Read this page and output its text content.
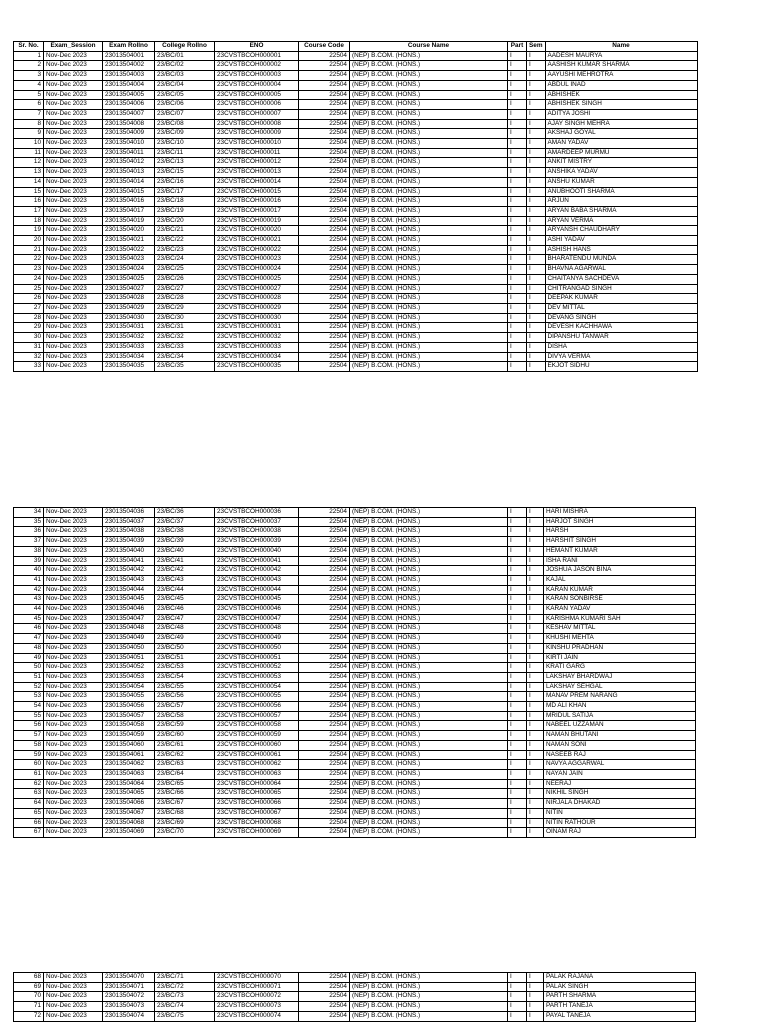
Sr. No.	Exam_Session	Exam Rollno	College Rollno	ENO	Course Code	Course Name	Part	Sem	Name
1	Nov-Dec 2023	23013504001	23/BC/01	23CVSTBCOH000001	22504	(NEP) B.COM. (HONS.)	I	I	AADESH MAURYA
2	Nov-Dec 2023	23013504002	23/BC/02	23CVSTBCOH000002	22504	(NEP) B.COM. (HONS.)	I	I	AASHISH KUMAR SHARMA
3	Nov-Dec 2023	23013504003	23/BC/03	23CVSTBCOH000003	22504	(NEP) B.COM. (HONS.)	I	I	AAYUSHI MEHROTRA
4	Nov-Dec 2023	23013504004	23/BC/04	23CVSTBCOH000004	22504	(NEP) B.COM. (HONS.)	I	I	ABDUL INAD
5	Nov-Dec 2023	23013504005	23/BC/05	23CVSTBCOH000005	22504	(NEP) B.COM. (HONS.)	I	I	ABHISHEK
6	Nov-Dec 2023	23013504006	23/BC/06	23CVSTBCOH000006	22504	(NEP) B.COM. (HONS.)	I	I	ABHISHEK SINGH
7	Nov-Dec 2023	23013504007	23/BC/07	23CVSTBCOH000007	22504	(NEP) B.COM. (HONS.)	I	I	ADITYA JOSHI
8	Nov-Dec 2023	23013504008	23/BC/08	23CVSTBCOH000008	22504	(NEP) B.COM. (HONS.)	I	I	AJAY SINGH MEHRA
9	Nov-Dec 2023	23013504009	23/BC/09	23CVSTBCOH000009	22504	(NEP) B.COM. (HONS.)	I	I	AKSHAJ GOYAL
10	Nov-Dec 2023	23013504010	23/BC/10	23CVSTBCOH000010	22504	(NEP) B.COM. (HONS.)	I	I	AMAN YADAV
11	Nov-Dec 2023	23013504011	23/BC/11	23CVSTBCOH000011	22504	(NEP) B.COM. (HONS.)	I	I	AMARDEEP MURMU
12	Nov-Dec 2023	23013504012	23/BC/13	23CVSTBCOH000012	22504	(NEP) B.COM. (HONS.)	I	I	ANKIT MISTRY
13	Nov-Dec 2023	23013504013	23/BC/15	23CVSTBCOH000013	22504	(NEP) B.COM. (HONS.)	I	I	ANSHIKA YADAV
14	Nov-Dec 2023	23013504014	23/BC/16	23CVSTBCOH000014	22504	(NEP) B.COM. (HONS.)	I	I	ANSHU KUMAR
15	Nov-Dec 2023	23013504015	23/BC/17	23CVSTBCOH000015	22504	(NEP) B.COM. (HONS.)	I	I	ANUBHOOTI SHARMA
16	Nov-Dec 2023	23013504016	23/BC/18	23CVSTBCOH000016	22504	(NEP) B.COM. (HONS.)	I	I	ARJUN
17	Nov-Dec 2023	23013504017	23/BC/19	23CVSTBCOH000017	22504	(NEP) B.COM. (HONS.)	I	I	ARYAN BABA SHARMA
18	Nov-Dec 2023	23013504019	23/BC/20	23CVSTBCOH000019	22504	(NEP) B.COM. (HONS.)	I	I	ARYAN VERMA
19	Nov-Dec 2023	23013504020	23/BC/21	23CVSTBCOH000020	22504	(NEP) B.COM. (HONS.)	I	I	ARYANSH CHAUDHARY
20	Nov-Dec 2023	23013504021	23/BC/22	23CVSTBCOH000021	22504	(NEP) B.COM. (HONS.)	I	I	ASHI YADAV
21	Nov-Dec 2023	23013504022	23/BC/23	23CVSTBCOH000022	22504	(NEP) B.COM. (HONS.)	I	I	ASHISH HANS
22	Nov-Dec 2023	23013504023	23/BC/24	23CVSTBCOH000023	22504	(NEP) B.COM. (HONS.)	I	I	BHARATENDU MUNDA
23	Nov-Dec 2023	23013504024	23/BC/25	23CVSTBCOH000024	22504	(NEP) B.COM. (HONS.)	I	I	BHAVNA AGARWAL
24	Nov-Dec 2023	23013504025	23/BC/26	23CVSTBCOH000025	22504	(NEP) B.COM. (HONS.)	I	I	CHAITANYA SACHDEVA
25	Nov-Dec 2023	23013504027	23/BC/27	23CVSTBCOH000027	22504	(NEP) B.COM. (HONS.)	I	I	CHITRANGAD SINGH
26	Nov-Dec 2023	23013504028	23/BC/28	23CVSTBCOH000028	22504	(NEP) B.COM. (HONS.)	I	I	DEEPAK KUMAR
27	Nov-Dec 2023	23013504029	23/BC/29	23CVSTBCOH000029	22504	(NEP) B.COM. (HONS.)	I	I	DEV MITTAL
28	Nov-Dec 2023	23013504030	23/BC/30	23CVSTBCOH000030	22504	(NEP) B.COM. (HONS.)	I	I	DEVANG SINGH
29	Nov-Dec 2023	23013504031	23/BC/31	23CVSTBCOH000031	22504	(NEP) B.COM. (HONS.)	I	I	DEVESH KACHHAWA
30	Nov-Dec 2023	23013504032	23/BC/32	23CVSTBCOH000032	22504	(NEP) B.COM. (HONS.)	I	I	DIPANSHU TANWAR
31	Nov-Dec 2023	23013504033	23/BC/33	23CVSTBCOH000033	22504	(NEP) B.COM. (HONS.)	I	I	DISHA
32	Nov-Dec 2023	23013504034	23/BC/34	23CVSTBCOH000034	22504	(NEP) B.COM. (HONS.)	I	I	DIVYA VERMA
33	Nov-Dec 2023	23013504035	23/BC/35	23CVSTBCOH000035	22504	(NEP) B.COM. (HONS.)	I	I	EKJOT SIDHU
34	Nov-Dec 2023	23013504036	23/BC/36	23CVSTBCOH000036	22504	(NEP) B.COM. (HONS.)	I	I	HARI MISHRA
35	Nov-Dec 2023	23013504037	23/BC/37	23CVSTBCOH000037	22504	(NEP) B.COM. (HONS.)	I	I	HARJOT SINGH
36	Nov-Dec 2023	23013504038	23/BC/38	23CVSTBCOH000038	22504	(NEP) B.COM. (HONS.)	I	I	HARSH
37	Nov-Dec 2023	23013504039	23/BC/39	23CVSTBCOH000039	22504	(NEP) B.COM. (HONS.)	I	I	HARSHIT SINGH
38	Nov-Dec 2023	23013504040	23/BC/40	23CVSTBCOH000040	22504	(NEP) B.COM. (HONS.)	I	I	HEMANT KUMAR
39	Nov-Dec 2023	23013504041	23/BC/41	23CVSTBCOH000041	22504	(NEP) B.COM. (HONS.)	I	I	ISHA RANI
40	Nov-Dec 2023	23013504042	23/BC/42	23CVSTBCOH000042	22504	(NEP) B.COM. (HONS.)	I	I	JOSHUA JASON BINA
41	Nov-Dec 2023	23013504043	23/BC/43	23CVSTBCOH000043	22504	(NEP) B.COM. (HONS.)	I	I	KAJAL
42	Nov-Dec 2023	23013504044	23/BC/44	23CVSTBCOH000044	22504	(NEP) B.COM. (HONS.)	I	I	KARAN KUMAR
43	Nov-Dec 2023	23013504045	23/BC/45	23CVSTBCOH000045	22504	(NEP) B.COM. (HONS.)	I	I	KARAN SONBIRSE
44	Nov-Dec 2023	23013504046	23/BC/46	23CVSTBCOH000046	22504	(NEP) B.COM. (HONS.)	I	I	KARAN YADAV
45	Nov-Dec 2023	23013504047	23/BC/47	23CVSTBCOH000047	22504	(NEP) B.COM. (HONS.)	I	I	KARISHMA KUMARI SAH
46	Nov-Dec 2023	23013504048	23/BC/48	23CVSTBCOH000048	22504	(NEP) B.COM. (HONS.)	I	I	KESHAV MITTAL
47	Nov-Dec 2023	23013504049	23/BC/49	23CVSTBCOH000049	22504	(NEP) B.COM. (HONS.)	I	I	KHUSHI MEHTA
48	Nov-Dec 2023	23013504050	23/BC/50	23CVSTBCOH000050	22504	(NEP) B.COM. (HONS.)	I	I	KINSHU PRADHAN
49	Nov-Dec 2023	23013504051	23/BC/51	23CVSTBCOH000051	22504	(NEP) B.COM. (HONS.)	I	I	KIRTI JAIN
50	Nov-Dec 2023	23013504052	23/BC/53	23CVSTBCOH000052	22504	(NEP) B.COM. (HONS.)	I	I	KRATI GARG
51	Nov-Dec 2023	23013504053	23/BC/54	23CVSTBCOH000053	22504	(NEP) B.COM. (HONS.)	I	I	LAKSHAY BHARDWAJ
52	Nov-Dec 2023	23013504054	23/BC/55	23CVSTBCOH000054	22504	(NEP) B.COM. (HONS.)	I	I	LAKSHAY SEHGAL
53	Nov-Dec 2023	23013504055	23/BC/56	23CVSTBCOH000055	22504	(NEP) B.COM. (HONS.)	I	I	MANAV PREM NARANG
54	Nov-Dec 2023	23013504056	23/BC/57	23CVSTBCOH000056	22504	(NEP) B.COM. (HONS.)	I	I	MD ALI KHAN
55	Nov-Dec 2023	23013504057	23/BC/58	23CVSTBCOH000057	22504	(NEP) B.COM. (HONS.)	I	I	MRIDUL SATIJA
56	Nov-Dec 2023	23013504058	23/BC/59	23CVSTBCOH000058	22504	(NEP) B.COM. (HONS.)	I	I	NABEEL UZZAMAN
57	Nov-Dec 2023	23013504059	23/BC/60	23CVSTBCOH000059	22504	(NEP) B.COM. (HONS.)	I	I	NAMAN BHUTANI
58	Nov-Dec 2023	23013504060	23/BC/61	23CVSTBCOH000060	22504	(NEP) B.COM. (HONS.)	I	I	NAMAN SONI
59	Nov-Dec 2023	23013504061	23/BC/62	23CVSTBCOH000061	22504	(NEP) B.COM. (HONS.)	I	I	NASEEB RAJ
60	Nov-Dec 2023	23013504062	23/BC/63	23CVSTBCOH000062	22504	(NEP) B.COM. (HONS.)	I	I	NAVYA AGGARWAL
61	Nov-Dec 2023	23013504063	23/BC/64	23CVSTBCOH000063	22504	(NEP) B.COM. (HONS.)	I	I	NAYAN JAIN
62	Nov-Dec 2023	23013504064	23/BC/65	23CVSTBCOH000064	22504	(NEP) B.COM. (HONS.)	I	I	NEERAJ
63	Nov-Dec 2023	23013504065	23/BC/66	23CVSTBCOH000065	22504	(NEP) B.COM. (HONS.)	I	I	NIKHIL SINGH
64	Nov-Dec 2023	23013504066	23/BC/67	23CVSTBCOH000066	22504	(NEP) B.COM. (HONS.)	I	I	NIRJALA DHAKAD
65	Nov-Dec 2023	23013504067	23/BC/68	23CVSTBCOH000067	22504	(NEP) B.COM. (HONS.)	I	I	NITIN
66	Nov-Dec 2023	23013504068	23/BC/69	23CVSTBCOH000068	22504	(NEP) B.COM. (HONS.)	I	I	NITIN RATHOUR
67	Nov-Dec 2023	23013504069	23/BC/70	23CVSTBCOH000069	22504	(NEP) B.COM. (HONS.)	I	I	OINAM RAJ
68	Nov-Dec 2023	23013504070	23/BC/71	23CVSTBCOH000070	22504	(NEP) B.COM. (HONS.)	I	I	PALAK RAJANA
69	Nov-Dec 2023	23013504071	23/BC/72	23CVSTBCOH000071	22504	(NEP) B.COM. (HONS.)	I	I	PALAK SINGH
70	Nov-Dec 2023	23013504072	23/BC/73	23CVSTBCOH000072	22504	(NEP) B.COM. (HONS.)	I	I	PARTH SHARMA
71	Nov-Dec 2023	23013504073	23/BC/74	23CVSTBCOH000073	22504	(NEP) B.COM. (HONS.)	I	I	PARTH TANEJA
72	Nov-Dec 2023	23013504074	23/BC/75	23CVSTBCOH000074	22504	(NEP) B.COM. (HONS.)	I	I	PAYAL TANEJA
